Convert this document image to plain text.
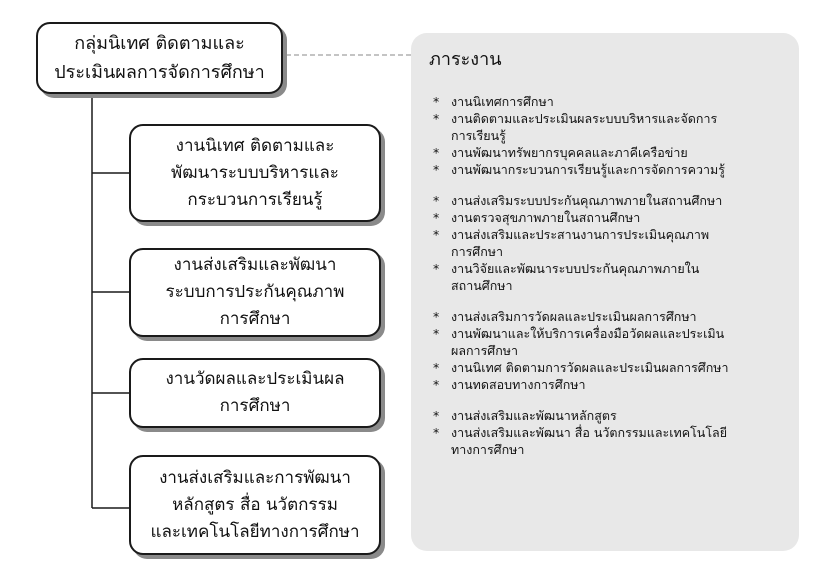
กลุ่มนิเทศ ติดตามและ
ประเมินผลการจัดการศึกษา
งานนิเทศ ติดตามและ
พัฒนาระบบบริหารและ
กระบวนการเรียนรู้
งานส่งเสริมและพัฒนา
ระบบการประกันคุณภาพ
การศึกษา
งานวัดผลและประเมินผล
การศึกษา
งานส่งเสริมและการพัฒนา
หลักสูตร สื่อ นวัตกรรม
และเทคโนโลยีทางการศึกษา
ภาระงาน
* งานนิเทศการศึกษา
* งานติดตามและประเมินผลระบบบริหารและจัดการ
การเรียนรู้
* งานพัฒนาทรัพยากรบุคคลและภาคีเครือข่าย
* งานพัฒนากระบวนการเรียนรู้และการจัดการความรู้
* งานส่งเสริมระบบประกันคุณภาพภายในสถานศึกษา
* งานตรวจสุขภาพภายในสถานศึกษา
* งานส่งเสริมและประสานงานการประเมินคุณภาพ
การศึกษา
* งานวิจัยและพัฒนาระบบประกันคุณภาพภายใน
สถานศึกษา
* งานส่งเสริมการวัดผลและประเมินผลการศึกษา
* งานพัฒนาและให้บริการเครื่องมือวัดผลและประเมิน
ผลการศึกษา
* งานนิเทศ ติดตามการวัดผลและประเมินผลการศึกษา
* งานทดสอบทางการศึกษา
* งานส่งเสริมและพัฒนาหลักสูตร
* งานส่งเสริมและพัฒนา สื่อ นวัตกรรมและเทคโนโลยี
ทางการศึกษา
